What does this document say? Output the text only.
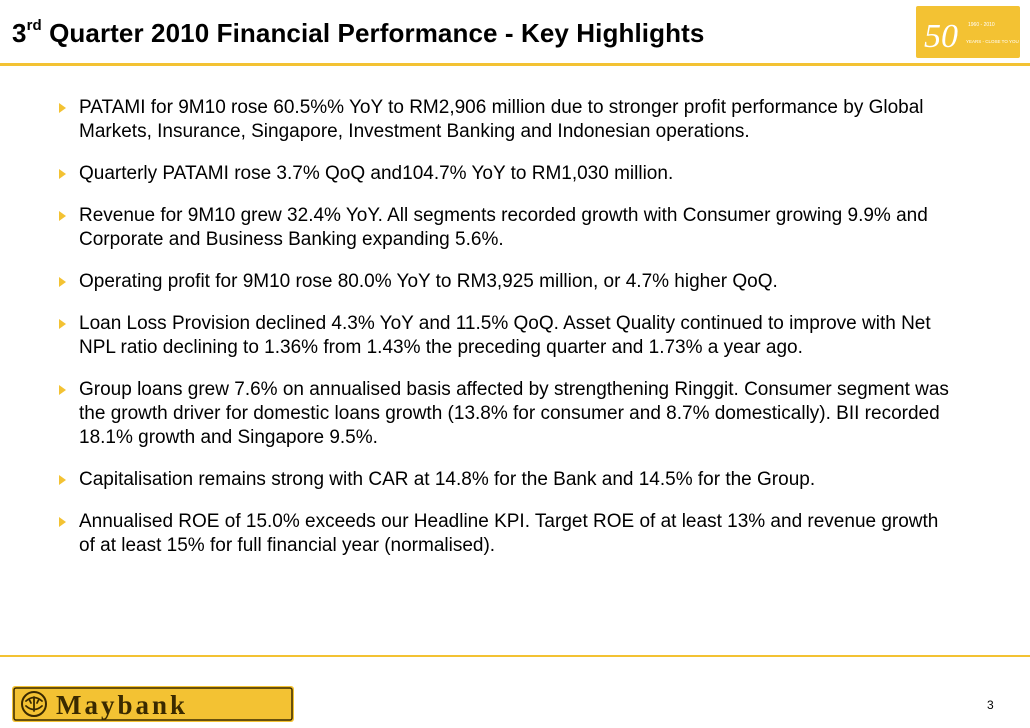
3rd Quarter 2010 Financial Performance - Key Highlights	50 1960 - 2010
YEARS - CLOSE TO YOU
PATAMI for 9M10 rose 60.5%% YoY to RM2,906 million due to stronger profit performance by Global Markets, Insurance, Singapore, Investment Banking and Indonesian operations.
Quarterly PATAMI rose 3.7% QoQ and104.7% YoY to RM1,030 million.
Revenue for 9M10 grew 32.4% YoY. All segments recorded growth with Consumer growing 9.9% and Corporate and Business Banking expanding 5.6%.
Operating profit for 9M10 rose 80.0% YoY to RM3,925 million, or 4.7% higher QoQ.
Loan Loss Provision declined 4.3% YoY and 11.5% QoQ. Asset Quality continued to improve with Net NPL ratio declining to 1.36% from 1.43% the preceding quarter and 1.73% a year ago.
Group loans grew 7.6% on annualised basis affected by strengthening Ringgit. Consumer segment was the growth driver for domestic loans growth (13.8% for consumer and 8.7% domestically). BII recorded 18.1% growth and Singapore 9.5%.
Capitalisation remains strong with CAR at 14.8% for the Bank and 14.5% for the Group.
Annualised ROE of 15.0% exceeds our Headline KPI. Target ROE of at least 13% and revenue growth of at least 15% for full financial year (normalised).
Maybank	3
